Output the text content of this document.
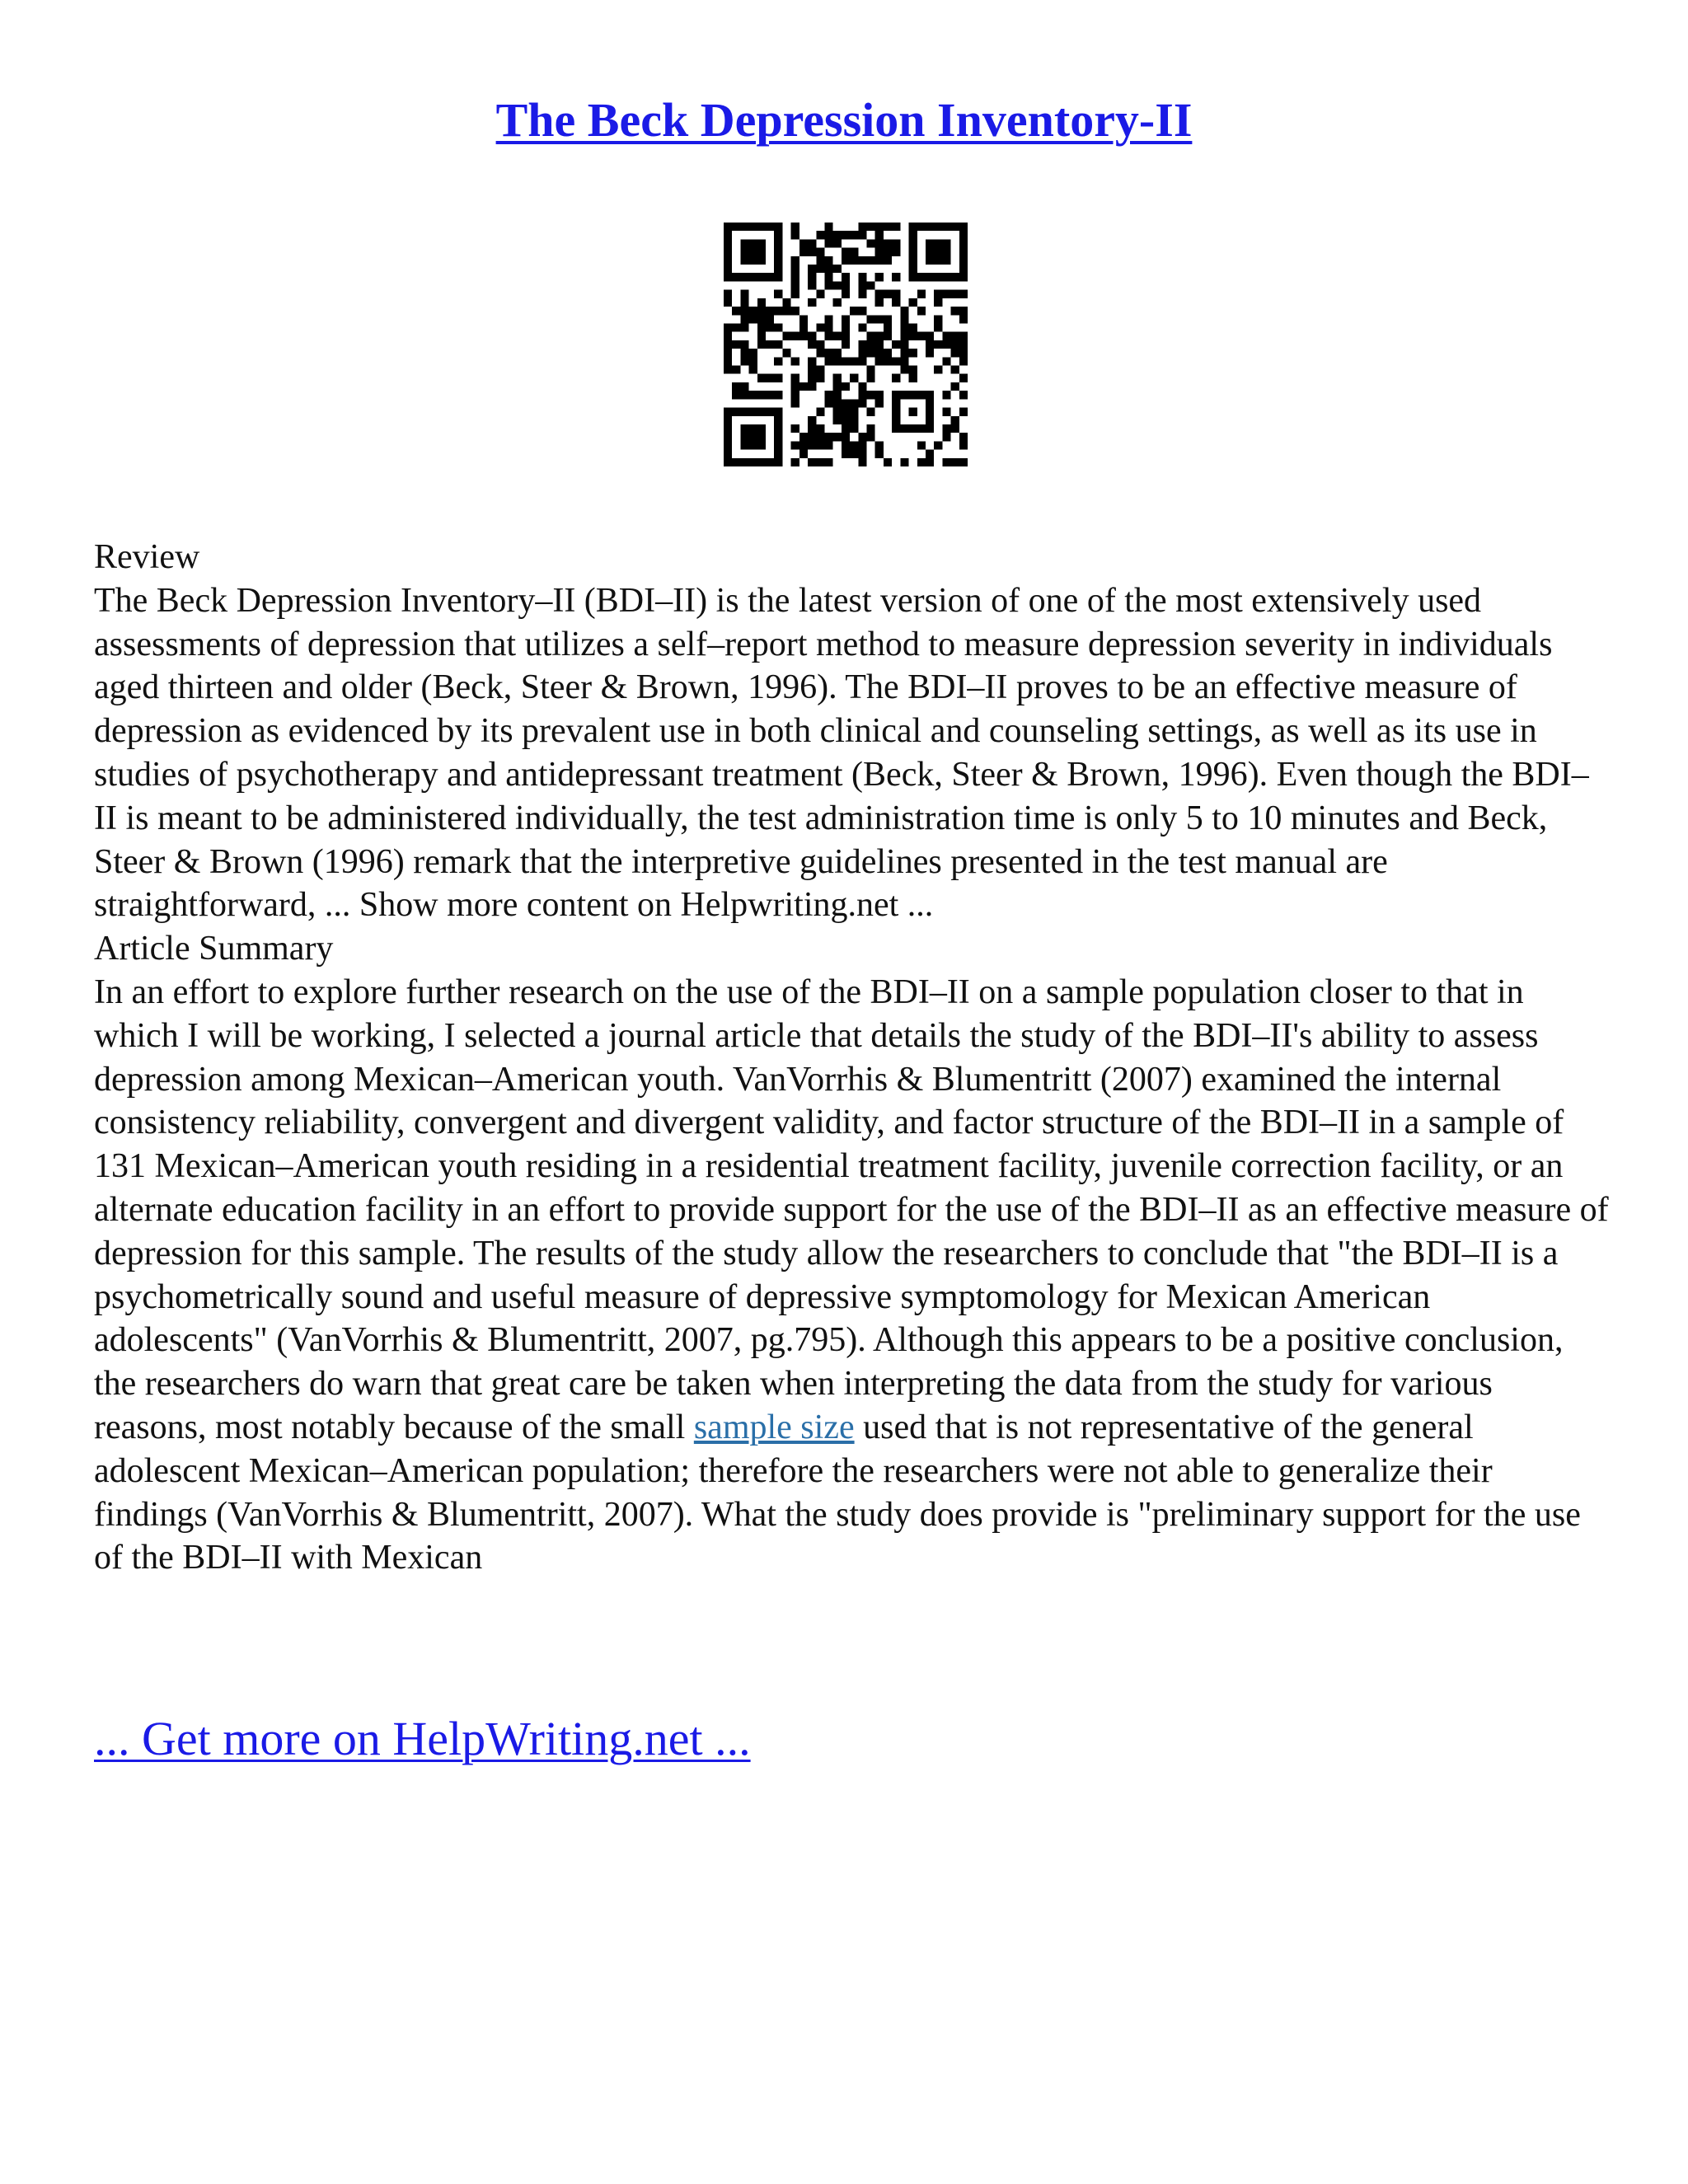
The Beck Depression Inventory-II

Review

The Beck Depression Inventory–II (BDI–II) is the latest version of one of the most extensively used assessments of depression that utilizes a self–report method to measure depression severity in individuals aged thirteen and older (Beck, Steer & Brown, 1996). The BDI–II proves to be an effective measure of depression as evidenced by its prevalent use in both clinical and counseling settings, as well as its use in studies of psychotherapy and antidepressant treatment (Beck, Steer & Brown, 1996). Even though the BDI–II is meant to be administered individually, the test administration time is only 5 to 10 minutes and Beck, Steer & Brown (1996) remark that the interpretive guidelines presented in the test manual are straightforward, ... Show more content on Helpwriting.net ...

Article Summary

In an effort to explore further research on the use of the BDI–II on a sample population closer to that in which I will be working, I selected a journal article that details the study of the BDI–II's ability to assess depression among Mexican–American youth. VanVorrhis & Blumentritt (2007) examined the internal consistency reliability, convergent and divergent validity, and factor structure of the BDI–II in a sample of 131 Mexican–American youth residing in a residential treatment facility, juvenile correction facility, or an alternate education facility in an effort to provide support for the use of the BDI–II as an effective measure of depression for this sample. The results of the study allow the researchers to conclude that "the BDI–II is a psychometrically sound and useful measure of depressive symptomology for Mexican American adolescents" (VanVorrhis & Blumentritt, 2007, pg.795). Although this appears to be a positive conclusion, the researchers do warn that great care be taken when interpreting the data from the study for various reasons, most notably because of the small sample size used that is not representative of the general adolescent Mexican–American population; therefore the researchers were not able to generalize their findings (VanVorrhis & Blumentritt, 2007). What the study does provide is "preliminary support for the use of the BDI–II with Mexican

... Get more on HelpWriting.net ...
